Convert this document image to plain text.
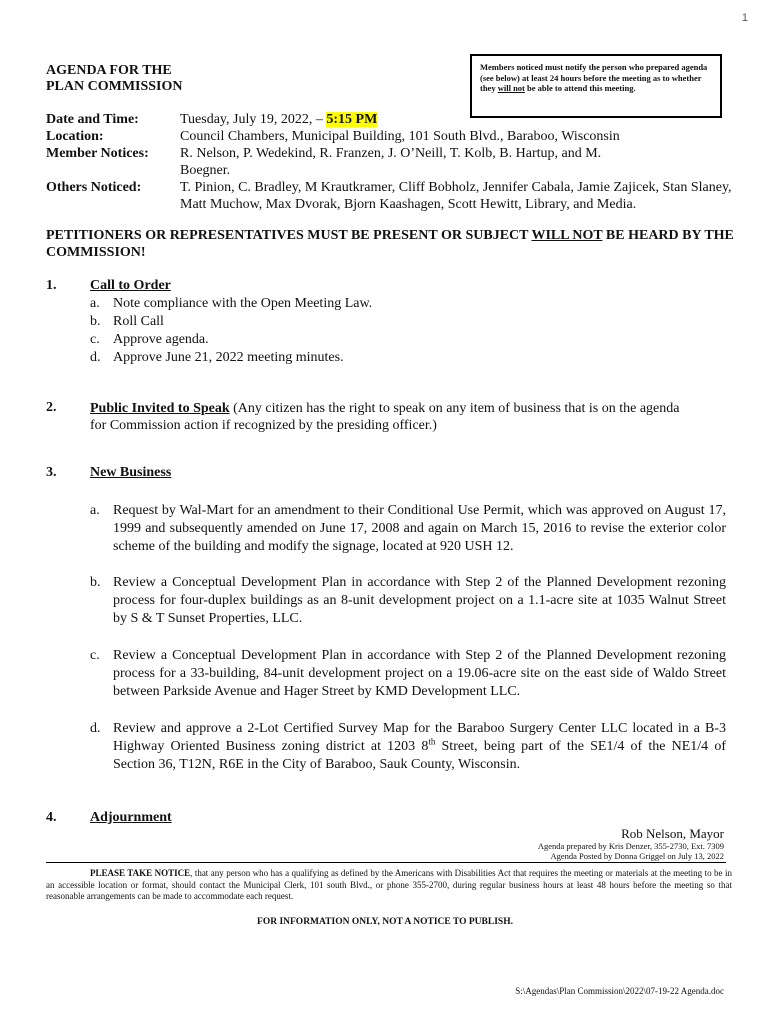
1
AGENDA FOR THE
PLAN COMMISSION
Members noticed must notify the person who prepared agenda (see below) at least 24 hours before the meeting as to whether they will not be able to attend this meeting.
Date and Time:	Tuesday, July 19, 2022, – 5:15 PM
Location:	Council Chambers, Municipal Building, 101 South Blvd., Baraboo, Wisconsin
Member Notices:	R. Nelson, P. Wedekind, R. Franzen, J. O’Neill, T. Kolb, B. Hartup, and M. Boegner.
Others Noticed:	T. Pinion, C. Bradley, M Krautkramer, Cliff Bobholz, Jennifer Cabala, Jamie Zajicek, Stan Slaney, Matt Muchow, Max Dvorak, Bjorn Kaashagen, Scott Hewitt, Library, and Media.
PETITIONERS OR REPRESENTATIVES MUST BE PRESENT OR SUBJECT WILL NOT BE HEARD BY THE COMMISSION!
1. Call to Order
a. Note compliance with the Open Meeting Law.
b. Roll Call
c. Approve agenda.
d. Approve June 21, 2022 meeting minutes.
2. Public Invited to Speak (Any citizen has the right to speak on any item of business that is on the agenda for Commission action if recognized by the presiding officer.)
3. New Business
a. Request by Wal-Mart for an amendment to their Conditional Use Permit, which was approved on August 17, 1999 and subsequently amended on June 17, 2008 and again on March 15, 2016 to revise the exterior color scheme of the building and modify the signage, located at 920 USH 12.
b. Review a Conceptual Development Plan in accordance with Step 2 of the Planned Development rezoning process for four-duplex buildings as an 8-unit development project on a 1.1-acre site at 1035 Walnut Street by S & T Sunset Properties, LLC.
c. Review a Conceptual Development Plan in accordance with Step 2 of the Planned Development rezoning process for a 33-building, 84-unit development project on a 19.06-acre site on the east side of Waldo Street between Parkside Avenue and Hager Street by KMD Development LLC.
d. Review and approve a 2-Lot Certified Survey Map for the Baraboo Surgery Center LLC located in a B-3 Highway Oriented Business zoning district at 1203 8th Street, being part of the SE1/4 of the NE1/4 of Section 36, T12N, R6E in the City of Baraboo, Sauk County, Wisconsin.
4. Adjournment
Rob Nelson, Mayor
Agenda prepared by Kris Denzer, 355-2730, Ext. 7309
Agenda Posted by Donna Griggel on July 13, 2022
PLEASE TAKE NOTICE, that any person who has a qualifying as defined by the Americans with Disabilities Act that requires the meeting or materials at the meeting to be in an accessible location or format, should contact the Municipal Clerk, 101 south Blvd., or phone 355-2700, during regular business hours at least 48 hours before the meeting so that reasonable arrangements can be made to accommodate each request.
FOR INFORMATION ONLY, NOT A NOTICE TO PUBLISH.
S:\Agendas\Plan Commission\2022\07-19-22 Agenda.doc
